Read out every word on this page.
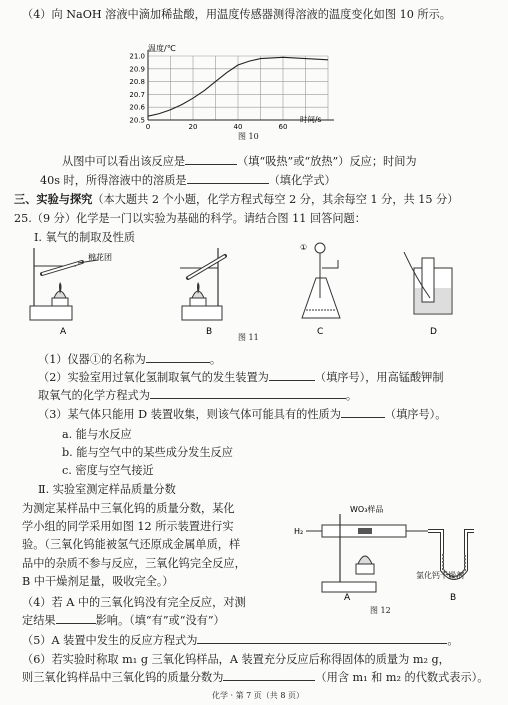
（4）向 NaOH 溶液中滴加稀盐酸，用温度传感器测得溶液的温度变化如图 10 所示。
温度/℃
21.0
20.9
20.8
20.7
20.6
20.5
0	20	40	60
时间/s
图 10
从图中可以看出该反应是	（填“吸热”或“放热”）反应；时间为
40s 时，所得溶液中的溶质是	（填化学式）
三、实验与探究（本大题共 2 个小题，化学方程式每空 2 分，其余每空 1 分，共 15 分）
25.（9 分）化学是一门以实验为基础的科学。请结合图 11 回答问题：
Ⅰ. 氧气的制取及性质
A
棉花团
B
①
C	D
图 11
（1）仪器①的名称为	。
（2）实验室用过氧化氢制取氧气的发生装置为	（填序号），用高锰酸钾制
取氧气的化学方程式为	。
（3）某气体只能用 D 装置收集，则该气体可能具有的性质为	（填序号）。
a. 能与水反应
b. 能与空气中的某些成分发生反应
c. 密度与空气接近
Ⅱ. 实验室测定样品质量分数
为测定某样品中三氧化钨的质量分数，某化
学小组的同学采用如图 12 所示装置进行实
验。（三氧化钨能被氢气还原成金属单质，样
品中的杂质不参与反应，三氧化钨完全反应，
B 中干燥剂足量，吸收完全。）
（4）若 A 中的三氧化钨没有完全反应，对测
定结果	影响。（填“有”或“没有”）
H₂
WO₃样品
A	B
氯化钙干燥剂
图 12
（5）A 装置中发生的反应方程式为	。
（6）若实验时称取 m₁ g 三氧化钨样品，A 装置充分反应后称得固体的质量为 m₂ g，
则三氧化钨样品中三氧化钨的质量分数为	（用含 m₁ 和 m₂ 的代数式表示）。
化学 · 第 7 页（共 8 页）
